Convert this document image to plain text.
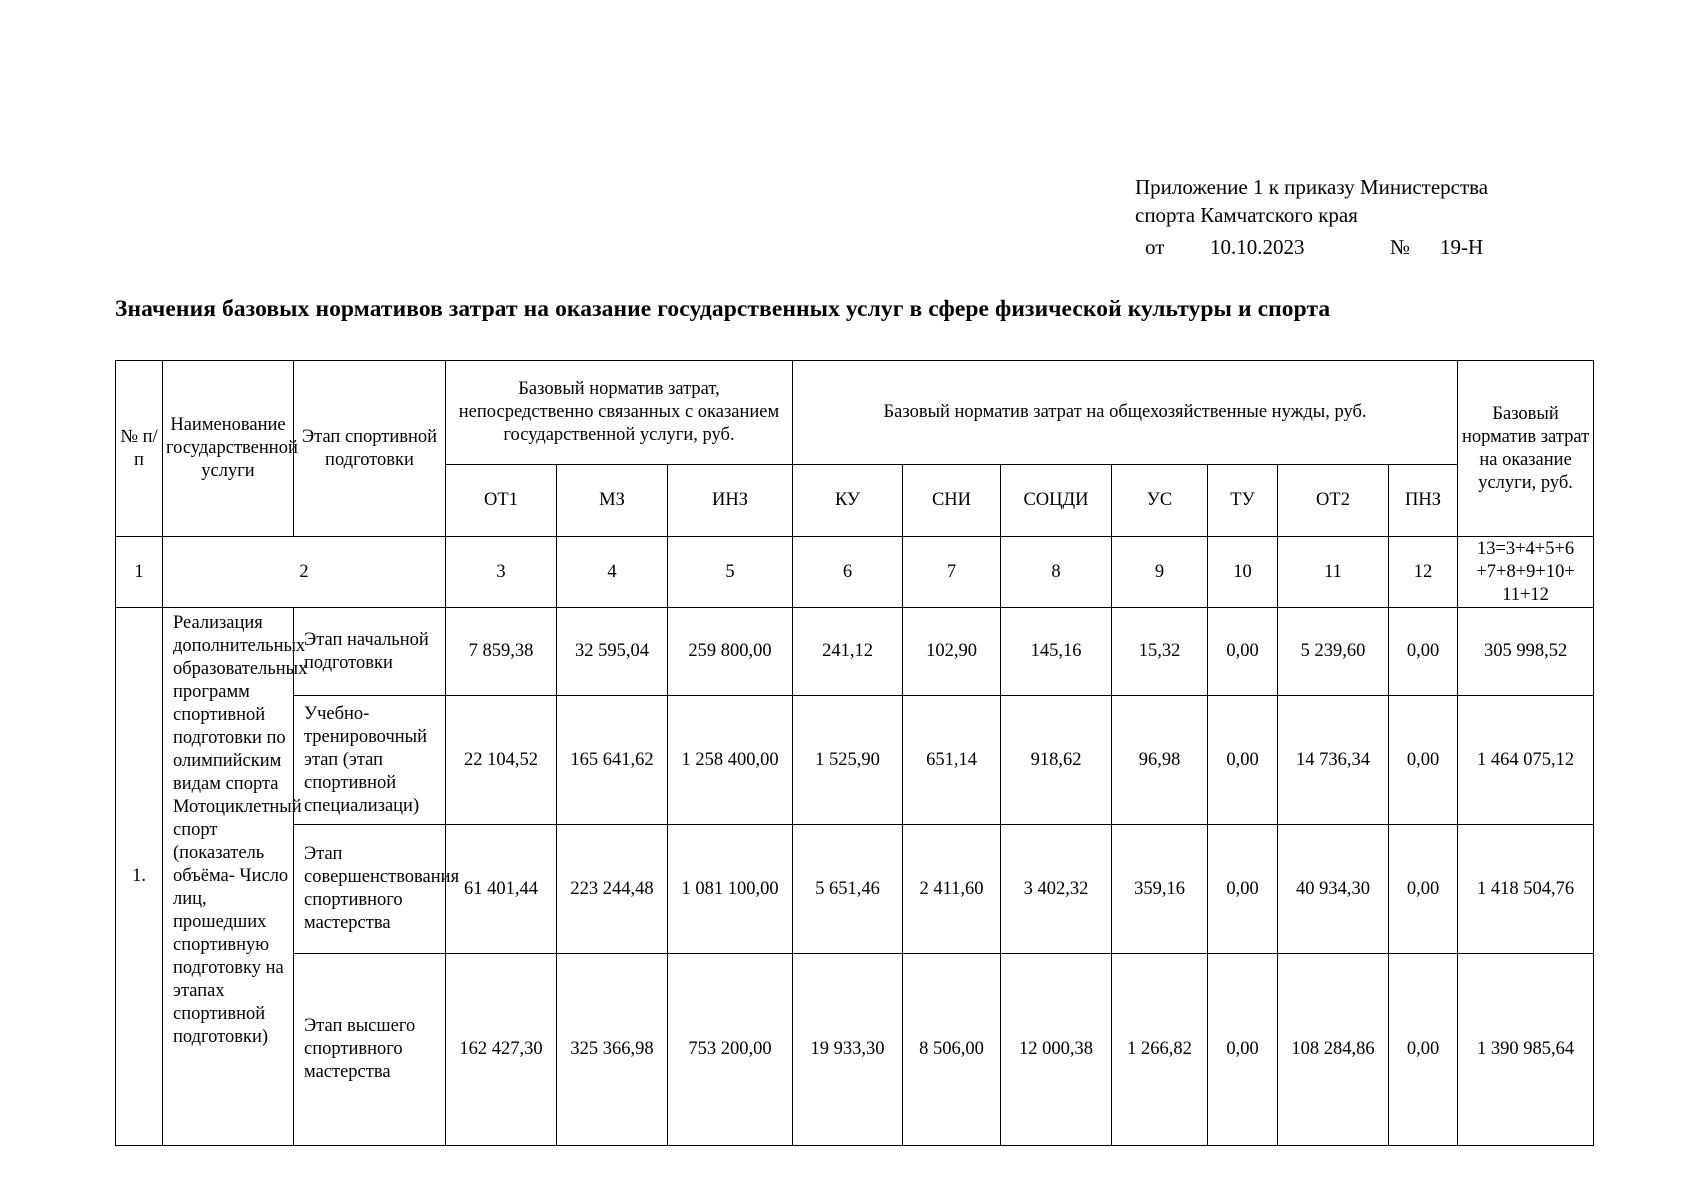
Приложение 1 к приказу Министерства
спорта Камчатского края
от 10.10.2023	№ 19-Н
Значения базовых нормативов затрат на оказание государственных услуг в сфере физической культуры и спорта
№ п/п	Наименование государственной услуги	Этап спортивной подготовки	Базовый норматив затрат, непосредственно связанных с оказанием государственной услуги, руб.			Базовый норматив затрат на общехозяйственные нужды, руб.							Базовый норматив затрат на оказание услуги, руб.
			ОТ1	МЗ	ИНЗ	КУ	СНИ	СОЦДИ	УС	ТУ	ОТ2	ПНЗ	
1	2		3	4	5	6	7	8	9	10	11	12	13=3+4+5+6 +7+8+9+10+ 11+12
1.	Реализация дополнительных образовательных программ спортивной подготовки по олимпийским видам спорта Мотоциклетный спорт (показатель объёма- Число лиц, прошедших спортивную подготовку на этапах спортивной подготовки)	Этап начальной подготовки	7 859,38	32 595,04	259 800,00	241,12	102,90	145,16	15,32	0,00	5 239,60	0,00	305 998,52
		Учебно-тренировочный этап (этап спортивной специализаци)	22 104,52	165 641,62	1 258 400,00	1 525,90	651,14	918,62	96,98	0,00	14 736,34	0,00	1 464 075,12
		Этап совершенствования спортивного мастерства	61 401,44	223 244,48	1 081 100,00	5 651,46	2 411,60	3 402,32	359,16	0,00	40 934,30	0,00	1 418 504,76
		Этап высшего спортивного мастерства	162 427,30	325 366,98	753 200,00	19 933,30	8 506,00	12 000,38	1 266,82	0,00	108 284,86	0,00	1 390 985,64
